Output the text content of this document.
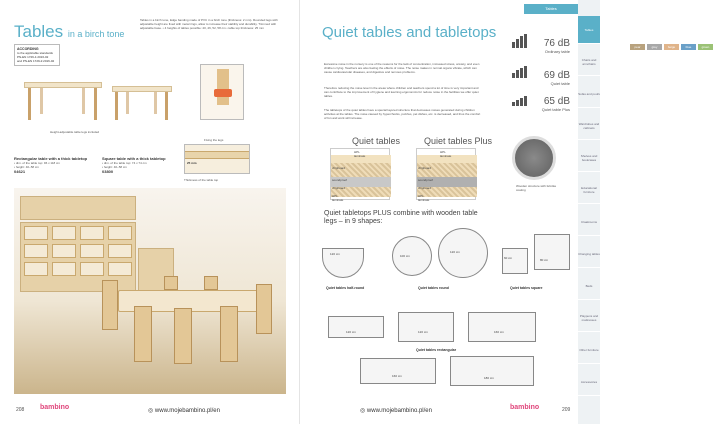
Tables in a birch tone
Tables in a birch tone, Edge banding made of PVC in a birch tone (thickness: 2 mm). Rounded legs with adjustable height are fixed with metal rings, allow to increase their stability and durability. Trimmed with adjustable base. • 4 heights of tables possible: 40, 46, 52, 58 cm • table top thickness: 25 mm
ACCORDING
to the applicable standards
PN-EN 1729-1:2016-02
and PN-EN 1729-2:2016-02
Fixing the legs
25 mm
Thickness of the table top
Height-adjustable table legs included
Rectangular table with a thick tabletop
• dim. of the table top: 96 x 118 cm
• height: 40–58 cm
04621
Square table with a thick tabletop
• dim. of the table top: 74 x 74 cm
• height: 40–58 cm
03800
208 bambino	◎ www.mojebambino.pl/en
Tables
Quiet tables and tabletops
pear	grey	beige	blue	green
Excessive noise in the nursery is one of the reasons for the lack of concentration, increased stress, anxiety, and even children crying. Teachers are also feeling the effects of noise. The noise makes in normal organs vibrate, which can cause cardiovascular diseases, and digestive and nervous problems.
Therefore reducing the noise level in the areas where children and teachers spend a lot of time is very important and can contribute to the improvement of hygiene and learning ergonomics for reduce noise in the facilities we offer quiet tables.
The tabletops of the quiet tables have a special layered structure that decreases noises generated during children activities at the tables. The noise caused by hyperchocks, puzzles, pet dishes, etc. is decreased, and thus the comfort of fun and work will increase.
76 dB
Ordinary table
69 dB
Quiet table
65 dB
Quiet table Plus
Quiet tables	Quiet tables Plus
HPL laminate
chipboard
soundproof
chipboard
HPL laminate
HPL laminate
chipboard
soundproof
chipboard
HPL laminate
Wooden structure with felt-like coating
Quiet tabletops PLUS combine with wooden table legs – in 9 shapes:
120 cm
Quiet tables half-round
100 cm
120 cm
Quiet tables round
60 cm	80 cm
Quiet tables square
120 cm	120 cm	160 cm
Quiet tables rectangular
160 cm	180 cm
◎ www.mojebambino.pl/en	bambino	209
Tables
Chairs and armchairs
Sofas and poufs
Wardrobes and cabinets
Shelves and bookcases
Educational furniture
Cloakrooms
Changing tables
Beds
Playpens and mattresses
Other furniture
Accessories
